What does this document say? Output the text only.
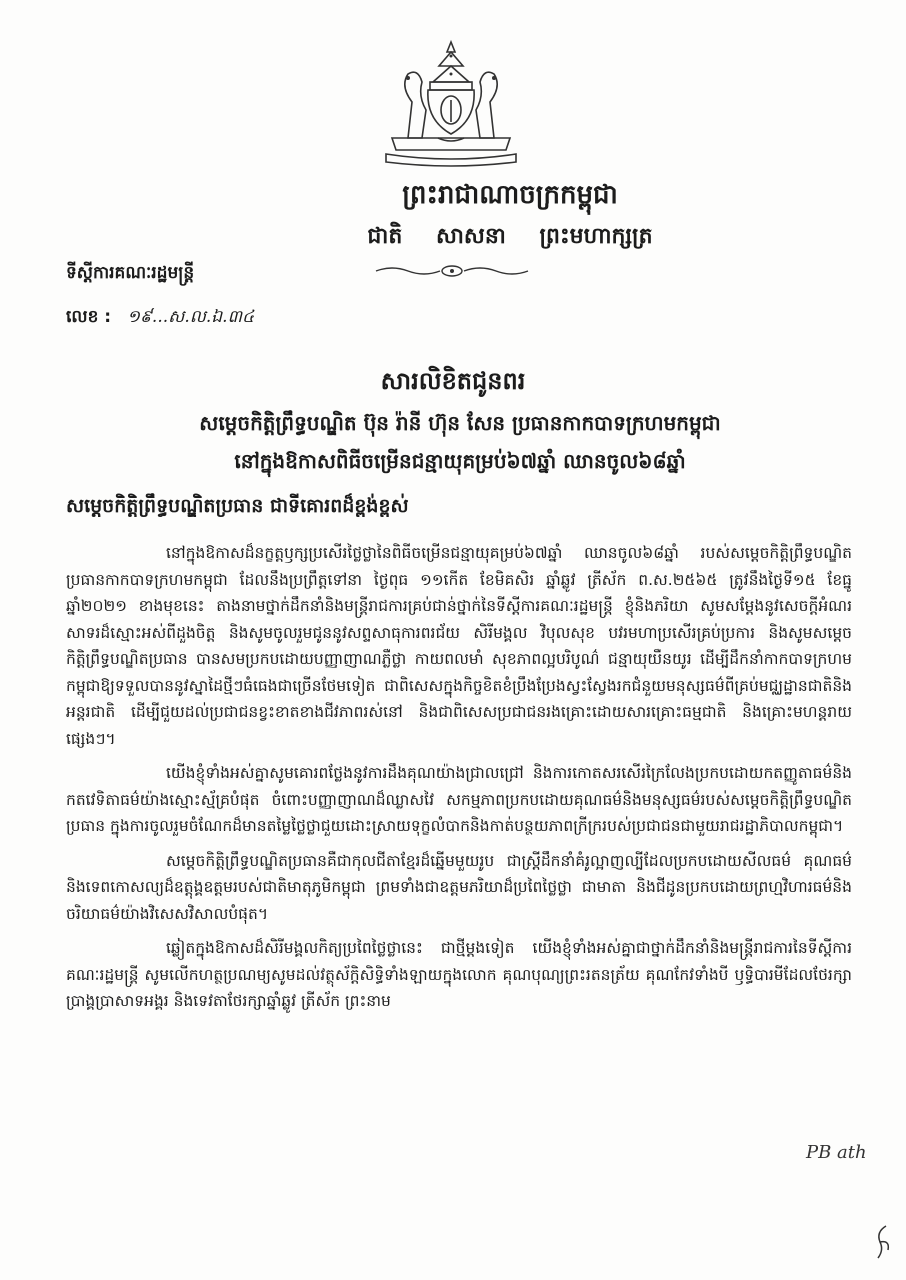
ព្រះរាជាណាចក្រកម្ពុជា
ជាតិ សាសនា ព្រះមហាក្សត្រ
ទីស្តីការគណៈរដ្ឋមន្ត្រី
លេខ : ១៩...ស.ល.ឯ.៣៤
សារលិខិតជូនពរ
សម្តេចកិត្តិព្រឹទ្ធបណ្ឌិត ប៊ុន រ៉ានី ហ៊ុន សែន ប្រធានកាកបាទក្រហមកម្ពុជា
នៅក្នុងឱកាសពិធីចម្រើនជន្មាយុគម្រប់៦៧ឆ្នាំ ឈានចូល៦៨ឆ្នាំ
សម្តេចកិត្តិព្រឹទ្ធបណ្ឌិតប្រធាន ជាទីគោរពដ៏ខ្ពង់ខ្ពស់

នៅក្នុងឱកាសដ៏នក្ខត្តឫក្សប្រសើរថ្លៃថ្លានៃពិធីចម្រើនជន្មាយុគម្រប់៦៧ឆ្នាំ ឈានចូល៦៨ឆ្នាំ របស់សម្តេចកិត្តិព្រឹទ្ធបណ្ឌិត ប្រធានកាកបាទក្រហមកម្ពុជា ដែលនឹងប្រព្រឹត្តទៅនា ថ្ងៃពុធ ១១កើត ខែមិគសិរ ឆ្នាំឆ្លូវ ត្រីស័ក ព.ស.២៥៦៥ ត្រូវនឹងថ្ងៃទី១៥ ខែធ្នូ ឆ្នាំ២០២១ ខាងមុខនេះ តាងនាមថ្នាក់ដឹកនាំនិងមន្ត្រីរាជការគ្រប់ជាន់ថ្នាក់នៃទីស្តីការគណៈរដ្ឋមន្ត្រី ខ្ញុំនិងភរិយា សូមសម្តែងនូវសេចក្តីអំណរសាទរដ៏ស្មោះអស់ពីដួងចិត្ត និងសូមចូលរួមជូននូវសព្ទសាធុការពរជ័យ សិរីមង្គល វិបុលសុខ បវរមហាប្រសើរគ្រប់ប្រការ និងសូមសម្តេចកិត្តិព្រឹទ្ធបណ្ឌិតប្រធាន បានសមប្រកបដោយបញ្ញាញាណភ្លឺថ្លា កាយពលមាំ សុខភាពល្អបរិបូណ៌ ជន្មាយុយឺនយូរ ដើម្បីដឹកនាំកាកបាទក្រហមកម្ពុជាឱ្យទទួលបាននូវស្នាដៃថ្មីៗធំធេងជាច្រើនថែមទៀត ជាពិសេសក្នុងកិច្ចខិតខំប្រឹងប្រែងស្វះស្វែងរកជំនួយមនុស្សធម៌ពីគ្រប់មជ្ឈដ្ឋានជាតិនិងអន្តរជាតិ ដើម្បីជួយដល់ប្រជាជនខ្វះខាតខាងជីវភាពរស់នៅ និងជាពិសេសប្រជាជនរងគ្រោះដោយសារគ្រោះធម្មជាតិ និងគ្រោះមហន្តរាយផ្សេងៗ។

យើងខ្ញុំទាំងអស់គ្នាសូមគោរពថ្លែងនូវការដឹងគុណយ៉ាងជ្រាលជ្រៅ និងការកោតសរសើរក្រៃលែងប្រកបដោយកតញ្ញូតាធម៌និងកតវេទិតាធម៌យ៉ាងស្មោះស្ម័គ្របំផុត ចំពោះបញ្ញាញាណដ៏ឈ្លាសវៃ សកម្មភាពប្រកបដោយគុណធម៌និងមនុស្សធម៌របស់សម្តេចកិត្តិព្រឹទ្ធបណ្ឌិតប្រធាន ក្នុងការចូលរួមចំណែកដ៏មានតម្លៃថ្លៃថ្លាជួយដោះស្រាយទុក្ខលំបាកនិងកាត់បន្ថយភាពក្រីក្ររបស់ប្រជាជនជាមួយរាជរដ្ឋាភិបាលកម្ពុជា។

សម្តេចកិត្តិព្រឹទ្ធបណ្ឌិតប្រធានគឺជាកុលជីតាខ្មែរដ៏ឆ្នើមមួយរូប ជាស្ត្រីដឹកនាំគំរូល្អាញល្បីដែលប្រកបដោយសីលធម៌ គុណធម៌ និងទេពកោសល្យដ៏ឧត្តុង្គឧត្តមរបស់ជាតិមាតុភូមិកម្ពុជា ព្រមទាំងជាឧត្តមភរិយាដ៏ប្រពៃថ្លៃថ្លា ជាមាតា និងជីដូនប្រកបដោយព្រហ្មវិហារធម៌និងចរិយាធម៌យ៉ាងវិសេសវិសាលបំផុត។

ឆ្លៀតក្នុងឱកាសដ៏សិរីមង្គលកិត្យប្រពៃថ្លៃថ្លានេះ ជាថ្មីម្តងទៀត យើងខ្ញុំទាំងអស់គ្នាជាថ្នាក់ដឹកនាំនិងមន្ត្រីរាជការនៃទីស្តីការគណៈរដ្ឋមន្ត្រី សូមលើកហត្ថប្រណម្យសូមដល់វត្ថុស័ក្តិសិទ្ធិទាំងឡាយក្នុងលោក គុណបុណ្យព្រះរតនត្រ័យ គុណកែវទាំងបី ឫទ្ធិបារមីដែលថែរក្សាប្រាង្គប្រាសាទអង្គរ និងទេវតាថែរក្សាឆ្នាំឆ្លូវ ត្រីស័ក ព្រះនាម

PB ath
